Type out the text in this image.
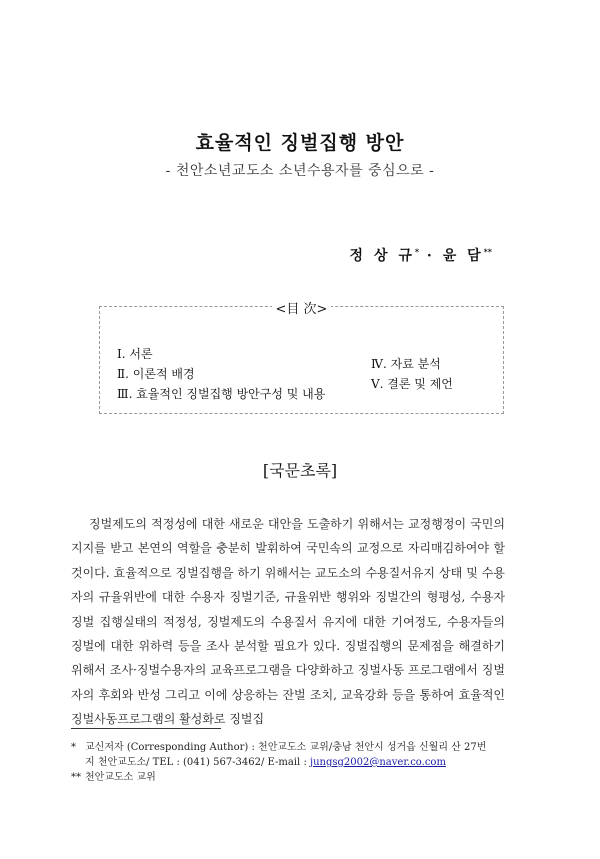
효율적인 징벌집행 방안
- 천안소년교도소 소년수용자를 중심으로 -
정 상 규* · 윤 담**
<目 次>
Ⅰ. 서론
Ⅱ. 이론적 배경
Ⅲ. 효율적인 징벌집행 방안구성 및 내용
Ⅳ. 자료 분석
Ⅴ. 결론 및 제언
[국문초록]
징벌제도의 적정성에 대한 새로운 대안을 도출하기 위해서는 교정행정이 국민의 지지를 받고 본연의 역할을 충분히 발휘하여 국민속의 교정으로 자리매김하여야 할 것이다. 효율적으로 징벌집행을 하기 위해서는 교도소의 수용질서유지 상태 및 수용자의 규율위반에 대한 수용자 징벌기준, 규율위반 행위와 징벌간의 형평성, 수용자 징벌 집행실태의 적정성, 징벌제도의 수용질서 유지에 대한 기여정도, 수용자들의 징벌에 대한 위하력 등을 조사 분석할 필요가 있다. 징벌집행의 문제점을 해결하기 위해서 조사·징벌수용자의 교육프로그램을 다양화하고 징벌사동 프로그램에서 징벌자의 후회와 반성 그리고 이에 상응하는 잔벌 조치, 교육강화 등을 통하여 효율적인 징벌사동프로그램의 활성화로 징벌집
* 교신저자 (Corresponding Author) : 천안교도소 교위/충남 천안시 성거읍 신월리 산 27번
지 천안교도소/ TEL : (041) 567-3462/ E-mail : jungsg2002@naver.co.com
** 천안교도소 교위
